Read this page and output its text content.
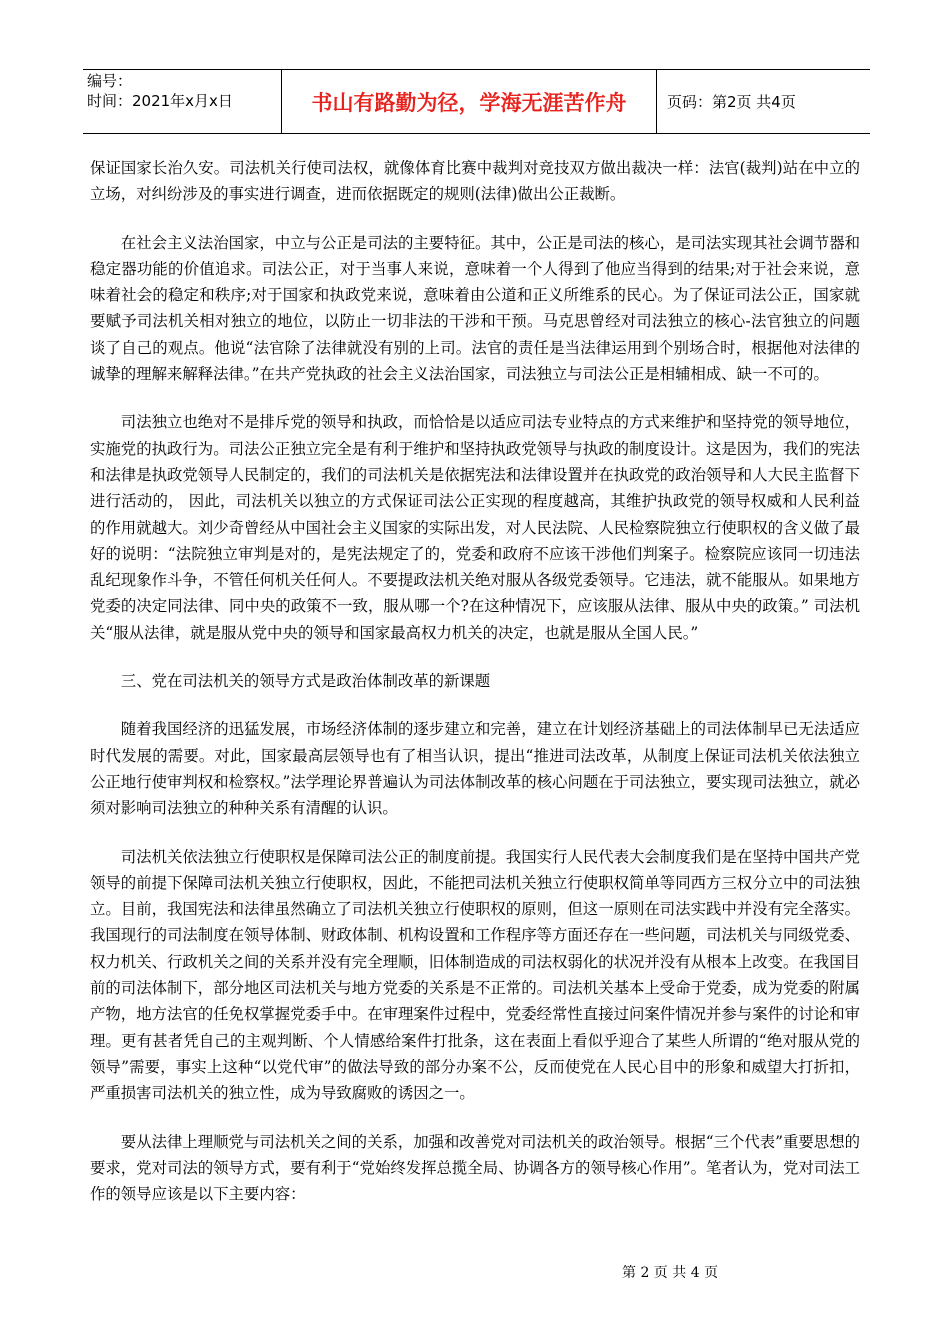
编号：
时间：2021年x月x日	书山有路勤为径，学海无涯苦作舟	页码：第2页 共4页

保证国家长治久安。司法机关行使司法权，就像体育比赛中裁判对竞技双方做出裁决一样：法官(裁判)站在中立的立场，对纠纷涉及的事实进行调查，进而依据既定的规则(法律)做出公正裁断。

在社会主义法治国家，中立与公正是司法的主要特征。其中，公正是司法的核心，是司法实现其社会调节器和稳定器功能的价值追求。司法公正，对于当事人来说，意味着一个人得到了他应当得到的结果;对于社会来说，意味着社会的稳定和秩序;对于国家和执政党来说，意味着由公道和正义所维系的民心。为了保证司法公正，国家就要赋予司法机关相对独立的地位，以防止一切非法的干涉和干预。马克思曾经对司法独立的核心-法官独立的问题谈了自己的观点。他说“法官除了法律就没有别的上司。法官的责任是当法律运用到个别场合时，根据他对法律的诚挚的理解来解释法律。”在共产党执政的社会主义法治国家，司法独立与司法公正是相辅相成、缺一不可的。

司法独立也绝对不是排斥党的领导和执政，而恰恰是以适应司法专业特点的方式来维护和坚持党的领导地位，实施党的执政行为。司法公正独立完全是有利于维护和坚持执政党领导与执政的制度设计。这是因为，我们的宪法和法律是执政党领导人民制定的，我们的司法机关是依据宪法和法律设置并在执政党的政治领导和人大民主监督下进行活动的， 因此，司法机关以独立的方式保证司法公正实现的程度越高，其维护执政党的领导权威和人民利益的作用就越大。刘少奇曾经从中国社会主义国家的实际出发，对人民法院、人民检察院独立行使职权的含义做了最好的说明：“法院独立审判是对的，是宪法规定了的，党委和政府不应该干涉他们判案子。检察院应该同一切违法乱纪现象作斗争，不管任何机关任何人。不要提政法机关绝对服从各级党委领导。它违法，就不能服从。如果地方党委的决定同法律、同中央的政策不一致，服从哪一个?在这种情况下，应该服从法律、服从中央的政策。” 司法机关“服从法律，就是服从党中央的领导和国家最高权力机关的决定，也就是服从全国人民。”

三、党在司法机关的领导方式是政治体制改革的新课题

随着我国经济的迅猛发展，市场经济体制的逐步建立和完善，建立在计划经济基础上的司法体制早已无法适应时代发展的需要。对此，国家最高层领导也有了相当认识，提出“推进司法改革，从制度上保证司法机关依法独立公正地行使审判权和检察权。”法学理论界普遍认为司法体制改革的核心问题在于司法独立，要实现司法独立，就必须对影响司法独立的种种关系有清醒的认识。

司法机关依法独立行使职权是保障司法公正的制度前提。我国实行人民代表大会制度我们是在坚持中国共产党领导的前提下保障司法机关独立行使职权，因此，不能把司法机关独立行使职权简单等同西方三权分立中的司法独立。目前，我国宪法和法律虽然确立了司法机关独立行使职权的原则，但这一原则在司法实践中并没有完全落实。我国现行的司法制度在领导体制、财政体制、机构设置和工作程序等方面还存在一些问题，司法机关与同级党委、权力机关、行政机关之间的关系并没有完全理顺，旧体制造成的司法权弱化的状况并没有从根本上改变。在我国目前的司法体制下，部分地区司法机关与地方党委的关系是不正常的。司法机关基本上受命于党委，成为党委的附属产物，地方法官的任免权掌握党委手中。在审理案件过程中，党委经常性直接过问案件情况并参与案件的讨论和审理。更有甚者凭自己的主观判断、个人情感给案件打批条，这在表面上看似乎迎合了某些人所谓的“绝对服从党的领导”需要，事实上这种“以党代审”的做法导致的部分办案不公，反而使党在人民心目中的形象和威望大打折扣，严重损害司法机关的独立性，成为导致腐败的诱因之一。

要从法律上理顺党与司法机关之间的关系，加强和改善党对司法机关的政治领导。根据“三个代表”重要思想的要求，党对司法的领导方式，要有利于“党始终发挥总揽全局、协调各方的领导核心作用”。笔者认为，党对司法工作的领导应该是以下主要内容：

第 2 页 共 4 页
